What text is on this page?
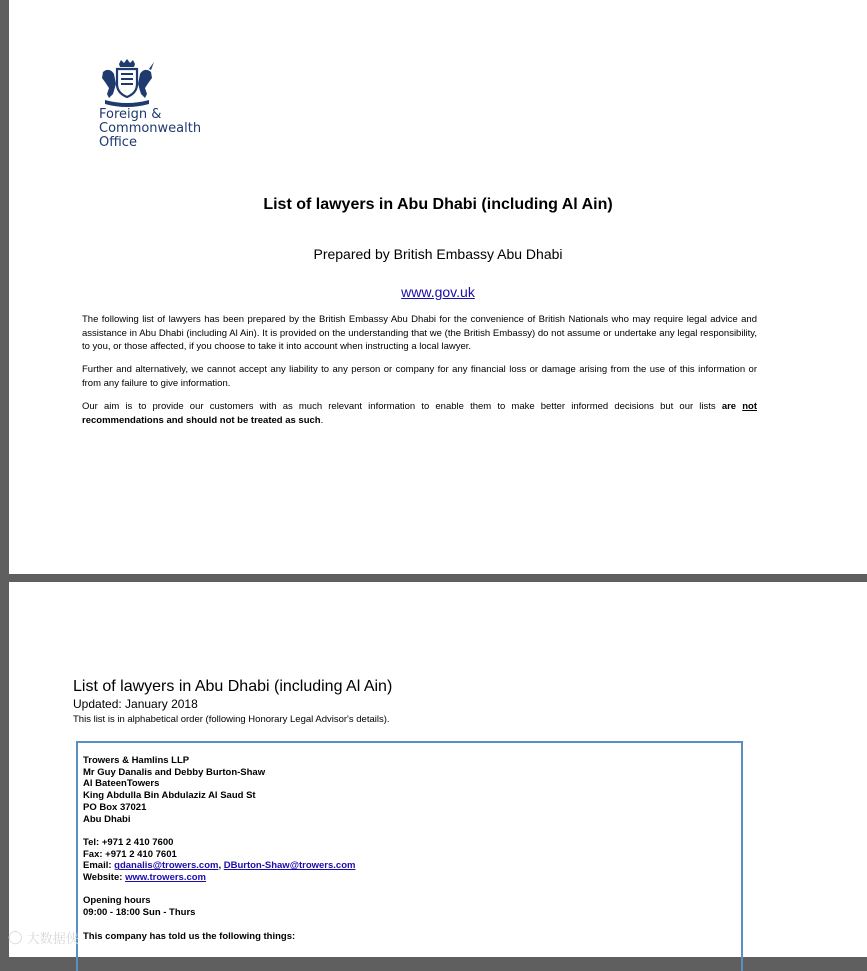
Foreign &
Commonwealth
Office
List of lawyers in Abu Dhabi (including Al Ain)
Prepared by British Embassy Abu Dhabi
www.gov.uk
The following list of lawyers has been prepared by the British Embassy Abu Dhabi for the convenience of British Nationals who may require legal advice and assistance in Abu Dhabi (including Al Ain). It is provided on the understanding that we (the British Embassy) do not assume or undertake any legal responsibility, to you, or those affected, if you choose to take it into account when instructing a local lawyer.
Further and alternatively, we cannot accept any liability to any person or company for any financial loss or damage arising from the use of this information or from any failure to give information.
Our aim is to provide our customers with as much relevant information to enable them to make better informed decisions but our lists are not recommendations and should not be treated as such.
List of lawyers in Abu Dhabi (including Al Ain)
Updated: January 2018
This list is in alphabetical order (following Honorary Legal Advisor's details).
Trowers & Hamlins LLP
Mr Guy Danalis and Debby Burton-Shaw
Al BateenTowers
King Abdulla Bin Abdulaziz Al Saud St
PO Box 37021
Abu Dhabi
Tel: +971 2 410 7600
Fax: +971 2 410 7601
Email: gdanalis@trowers.com, DBurton-Shaw@trowers.com
Website: www.trowers.com
Opening hours
09:00 - 18:00 Sun - Thurs
This company has told us the following things:
◯ 大数据侠
